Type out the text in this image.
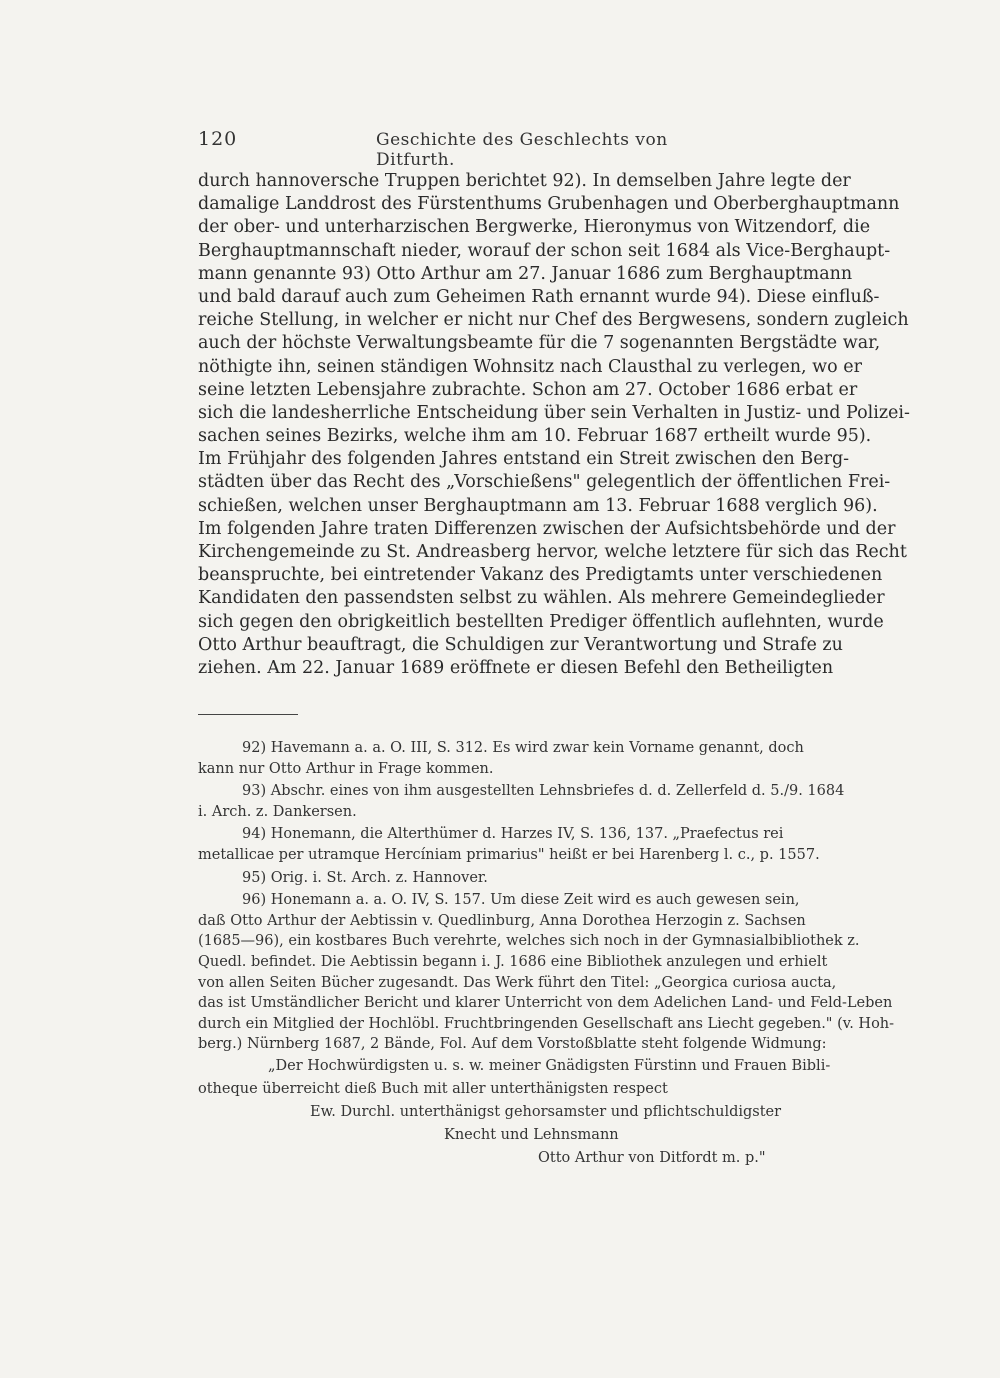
120	Geschichte des Geschlechts von Ditfurth.
durch hannoversche Truppen berichtet 92). In demselben Jahre legte der
damalige Landdrost des Fürstenthums Grubenhagen und Oberberghauptmann
der ober- und unterharzischen Bergwerke, Hieronymus von Witzendorf, die
Berghauptmannschaft nieder, worauf der schon seit 1684 als Vice-Berghaupt-
mann genannte 93) Otto Arthur am 27. Januar 1686 zum Berghauptmann
und bald darauf auch zum Geheimen Rath ernannt wurde 94). Diese einfluß-
reiche Stellung, in welcher er nicht nur Chef des Bergwesens, sondern zugleich
auch der höchste Verwaltungsbeamte für die 7 sogenannten Bergstädte war,
nöthigte ihn, seinen ständigen Wohnsitz nach Clausthal zu verlegen, wo er
seine letzten Lebensjahre zubrachte. Schon am 27. October 1686 erbat er
sich die landesherrliche Entscheidung über sein Verhalten in Justiz- und Polizei-
sachen seines Bezirks, welche ihm am 10. Februar 1687 ertheilt wurde 95).
Im Frühjahr des folgenden Jahres entstand ein Streit zwischen den Berg-
städten über das Recht des „Vorschießens" gelegentlich der öffentlichen Frei-
schießen, welchen unser Berghauptmann am 13. Februar 1688 verglich 96).
Im folgenden Jahre traten Differenzen zwischen der Aufsichtsbehörde und der
Kirchengemeinde zu St. Andreasberg hervor, welche letztere für sich das Recht
beanspruchte, bei eintretender Vakanz des Predigtamts unter verschiedenen
Kandidaten den passendsten selbst zu wählen. Als mehrere Gemeindeglieder
sich gegen den obrigkeitlich bestellten Prediger öffentlich auflehnten, wurde
Otto Arthur beauftragt, die Schuldigen zur Verantwortung und Strafe zu
ziehen. Am 22. Januar 1689 eröffnete er diesen Befehl den Betheiligten
92) Havemann a. a. O. III, S. 312. Es wird zwar kein Vorname genannt, doch
kann nur Otto Arthur in Frage kommen.
93) Abschr. eines von ihm ausgestellten Lehnsbriefes d. d. Zellerfeld d. 5./9. 1684
i. Arch. z. Dankersen.
94) Honemann, die Alterthümer d. Harzes IV, S. 136, 137. „Praefectus rei
metallicae per utramque Hercíniam primarius" heißt er bei Harenberg l. c., p. 1557.
95) Orig. i. St. Arch. z. Hannover.
96) Honemann a. a. O. IV, S. 157. Um diese Zeit wird es auch gewesen sein,
daß Otto Arthur der Aebtissin v. Quedlinburg, Anna Dorothea Herzogin z. Sachsen
(1685—96), ein kostbares Buch verehrte, welches sich noch in der Gymnasialbibliothek z.
Quedl. befindet. Die Aebtissin begann i. J. 1686 eine Bibliothek anzulegen und erhielt
von allen Seiten Bücher zugesandt. Das Werk führt den Titel: „Georgica curiosa aucta,
das ist Umständlicher Bericht und klarer Unterricht von dem Adelichen Land- und Feld-Leben
durch ein Mitglied der Hochlöbl. Fruchtbringenden Gesellschaft ans Liecht gegeben." (v. Hoh-
berg.) Nürnberg 1687, 2 Bände, Fol. Auf dem Vorstoßblatte steht folgende Widmung:
„Der Hochwürdigsten u. s. w. meiner Gnädigsten Fürstinn und Frauen Bibli-
otheque überreicht dieß Buch mit aller unterthänigsten respect
Ew. Durchl. unterthänigst gehorsamster und pflichtschuldigster
Knecht und Lehnsmann
Otto Arthur von Ditfordt m. p."
